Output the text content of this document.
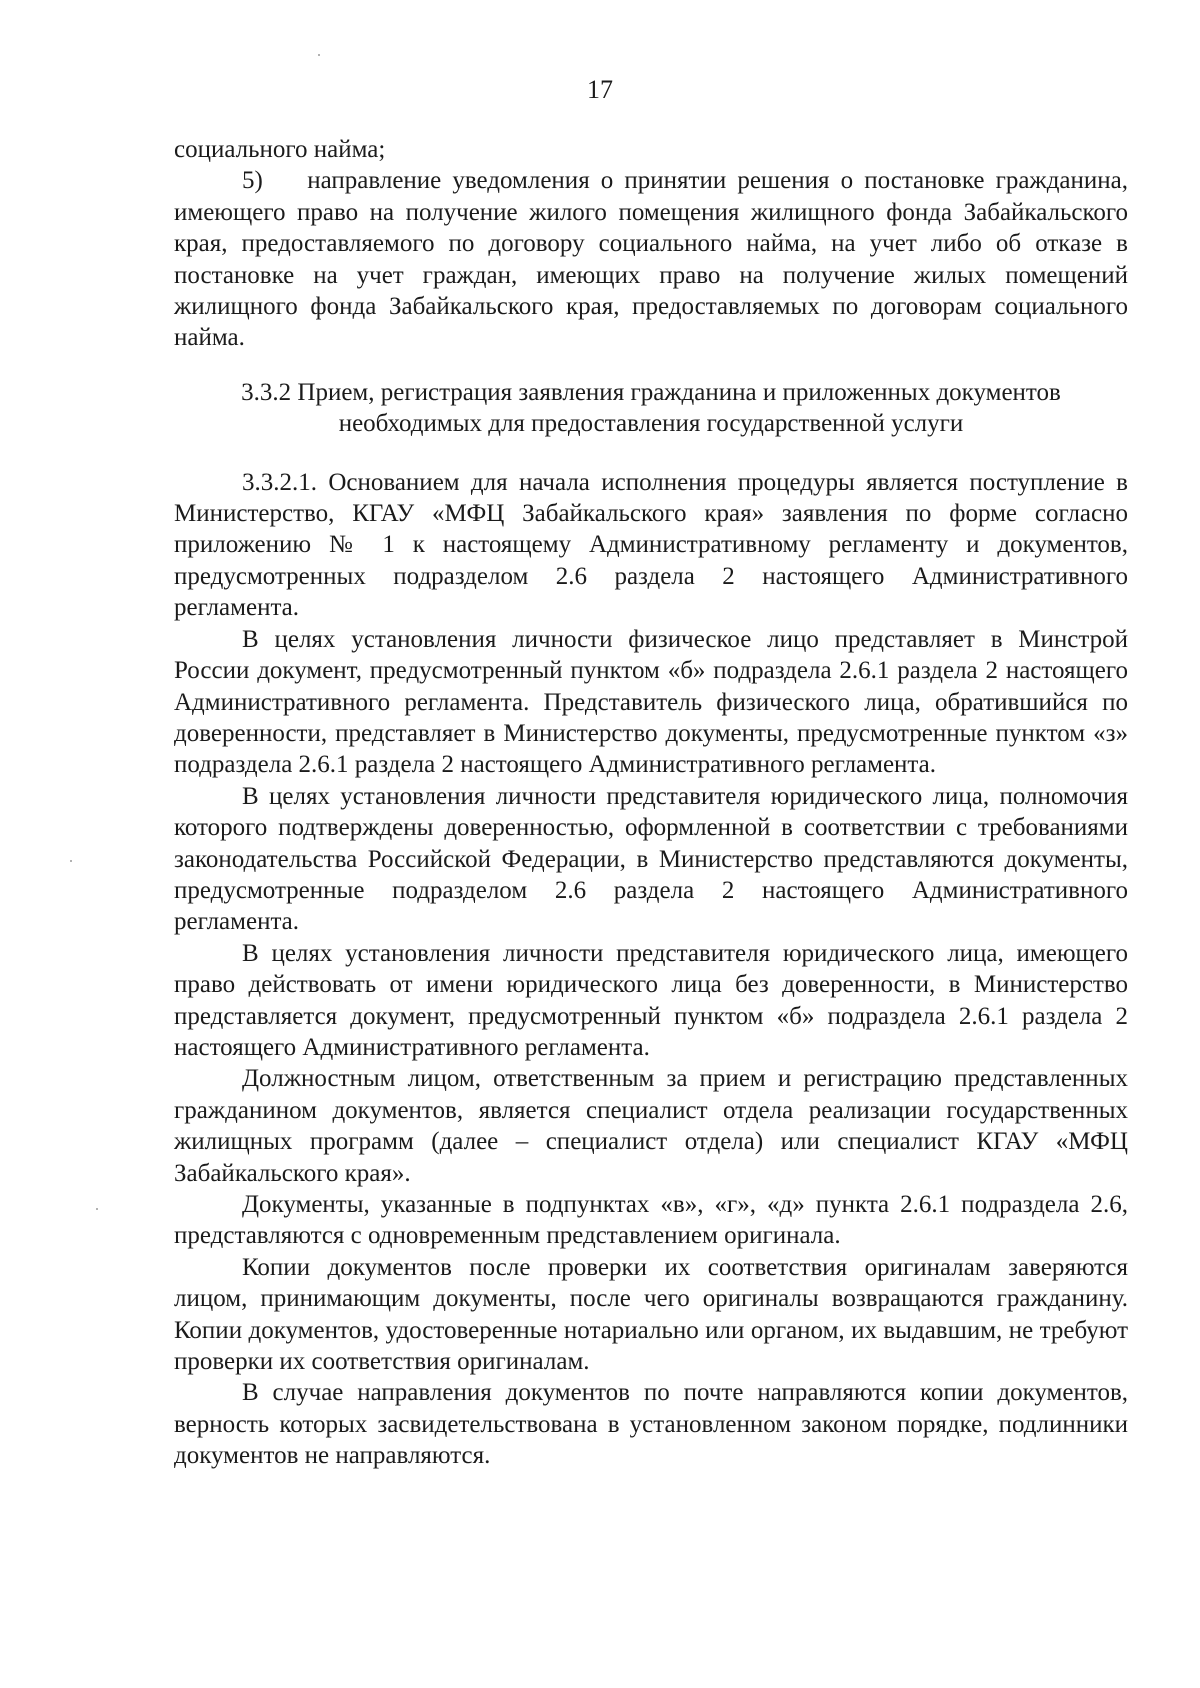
17

социального найма;

5)    направление уведомления о принятии решения о постановке гражданина, имеющего право на получение жилого помещения жилищного фонда Забайкальского края, предоставляемого по договору социального найма, на учет либо об отказе в постановке на учет граждан, имеющих право на получение жилых помещений жилищного фонда Забайкальского края, предоставляемых по договорам социального найма.

3.3.2 Прием, регистрация заявления гражданина и приложенных документов
необходимых для предоставления государственной услуги

3.3.2.1. Основанием для начала исполнения процедуры является поступление в Министерство, КГАУ «МФЦ Забайкальского края» заявления по форме согласно приложению № 1 к настоящему Административному регламенту и документов, предусмотренных подразделом 2.6 раздела 2 настоящего Административного регламента.

В целях установления личности физическое лицо представляет в Минстрой России документ, предусмотренный пунктом «б» подраздела 2.6.1 раздела 2 настоящего Административного регламента. Представитель физического лица, обратившийся по доверенности, представляет в Министерство документы, предусмотренные пунктом «з» подраздела 2.6.1 раздела 2 настоящего Административного регламента.

В целях установления личности представителя юридического лица, полномочия которого подтверждены доверенностью, оформленной в соответствии с требованиями законодательства Российской Федерации, в Министерство представляются документы, предусмотренные подразделом 2.6 раздела 2 настоящего Административного регламента.

В целях установления личности представителя юридического лица, имеющего право действовать от имени юридического лица без доверенности, в Министерство представляется документ, предусмотренный пунктом «б» подраздела 2.6.1 раздела 2 настоящего Административного регламента.

Должностным лицом, ответственным за прием и регистрацию представленных гражданином документов, является специалист отдела реализации государственных жилищных программ (далее – специалист отдела) или специалист КГАУ «МФЦ Забайкальского края».

Документы, указанные в подпунктах «в», «г», «д» пункта 2.6.1 подраздела 2.6, представляются с одновременным представлением оригинала.

Копии документов после проверки их соответствия оригиналам заверяются лицом, принимающим документы, после чего оригиналы возвращаются гражданину. Копии документов, удостоверенные нотариально или органом, их выдавшим, не требуют проверки их соответствия оригиналам.

В случае направления документов по почте направляются копии документов, верность которых засвидетельствована в установленном законом порядке, подлинники документов не направляются.
